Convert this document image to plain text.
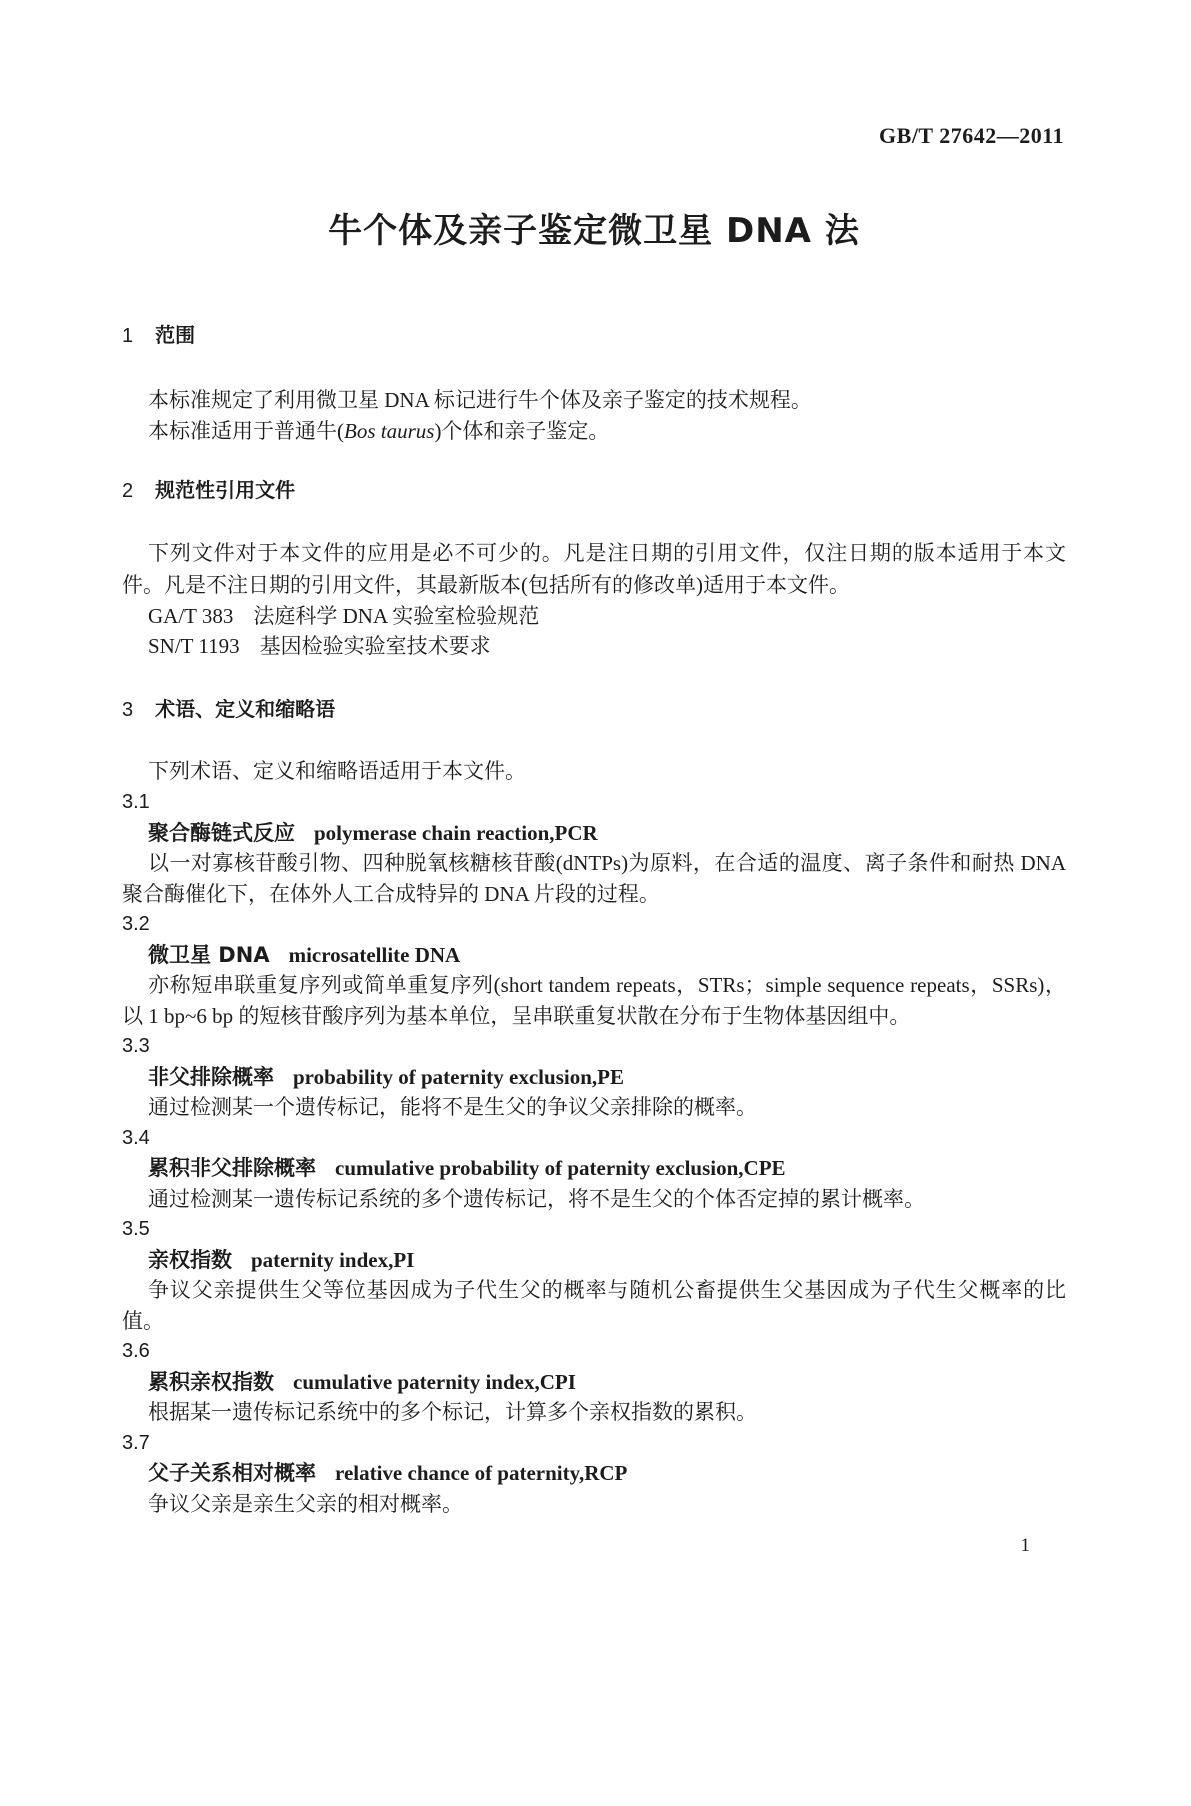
GB/T 27642—2011
牛个体及亲子鉴定微卫星 DNA 法
1 范围

本标准规定了利用微卫星 DNA 标记进行牛个体及亲子鉴定的技术规程。

本标准适用于普通牛(Bos taurus)个体和亲子鉴定。

2 规范性引用文件

下列文件对于本文件的应用是必不可少的。凡是注日期的引用文件，仅注日期的版本适用于本文件。凡是不注日期的引用文件，其最新版本(包括所有的修改单)适用于本文件。

GA/T 383 法庭科学 DNA 实验室检验规范
SN/T 1193 基因检验实验室技术要求
3 术语、定义和缩略语

下列术语、定义和缩略语适用于本文件。

3.1
聚合酶链式反应 polymerase chain reaction,PCR

以一对寡核苷酸引物、四种脱氧核糖核苷酸(dNTPs)为原料，在合适的温度、离子条件和耐热 DNA 聚合酶催化下，在体外人工合成特异的 DNA 片段的过程。

3.2
微卫星 DNA microsatellite DNA

亦称短串联重复序列或简单重复序列(short tandem repeats，STRs；simple sequence repeats，SSRs)，以 1 bp~6 bp 的短核苷酸序列为基本单位，呈串联重复状散在分布于生物体基因组中。

3.3
非父排除概率 probability of paternity exclusion,PE

通过检测某一个遗传标记，能将不是生父的争议父亲排除的概率。

3.4
累积非父排除概率 cumulative probability of paternity exclusion,CPE

通过检测某一遗传标记系统的多个遗传标记，将不是生父的个体否定掉的累计概率。

3.5
亲权指数 paternity index,PI

争议父亲提供生父等位基因成为子代生父的概率与随机公畜提供生父基因成为子代生父概率的比值。

3.6
累积亲权指数 cumulative paternity index,CPI

根据某一遗传标记系统中的多个标记，计算多个亲权指数的累积。

3.7
父子关系相对概率 relative chance of paternity,RCP

争议父亲是亲生父亲的相对概率。

1
